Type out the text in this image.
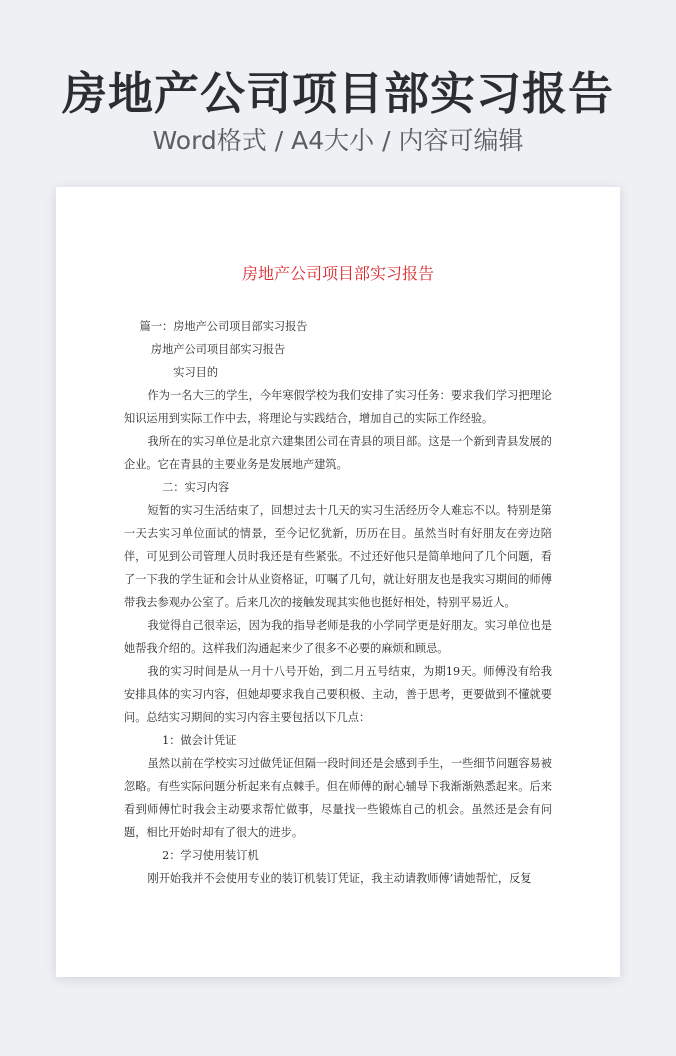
房地产公司项目部实习报告
Word格式 / A4大小 / 内容可编辑
房地产公司项目部实习报告

篇一：房地产公司项目部实习报告

房地产公司项目部实习报告

实习目的

作为一名大三的学生，今年寒假学校为我们安排了实习任务：要求我们学习把理论知识运用到实际工作中去，将理论与实践结合，增加自己的实际工作经验。

我所在的实习单位是北京六建集团公司在青县的项目部。这是一个新到青县发展的企业。它在青县的主要业务是发展地产建筑。

二：实习内容

短暂的实习生活结束了，回想过去十几天的实习生活经历令人难忘不以。特别是第一天去实习单位面试的情景，至今记忆犹新，历历在目。虽然当时有好朋友在旁边陪伴，可见到公司管理人员时我还是有些紧张。不过还好他只是简单地问了几个问题，看了一下我的学生证和会计从业资格证，叮嘱了几句，就让好朋友也是我实习期间的师傅带我去参观办公室了。后来几次的接触发现其实他也挺好相处，特别平易近人。

我觉得自己很幸运，因为我的指导老师是我的小学同学更是好朋友。实习单位也是她帮我介绍的。这样我们沟通起来少了很多不必要的麻烦和顾忌。

我的实习时间是从一月十八号开始，到二月五号结束，为期19天。师傅没有给我安排具体的实习内容，但她却要求我自己要积极、主动，善于思考，更要做到不懂就要问。总结实习期间的实习内容主要包括以下几点：

1：做会计凭证

虽然以前在学校实习过做凭证但隔一段时间还是会感到手生，一些细节问题容易被忽略。有些实际问题分析起来有点棘手。但在师傅的耐心辅导下我渐渐熟悉起来。后来看到师傅忙时我会主动要求帮忙做事，尽量找一些锻炼自己的机会。虽然还是会有问题，相比开始时却有了很大的进步。

2：学习使用装订机

刚开始我并不会使用专业的装订机装订凭证，我主动请教师傅’请她帮忙，反复
